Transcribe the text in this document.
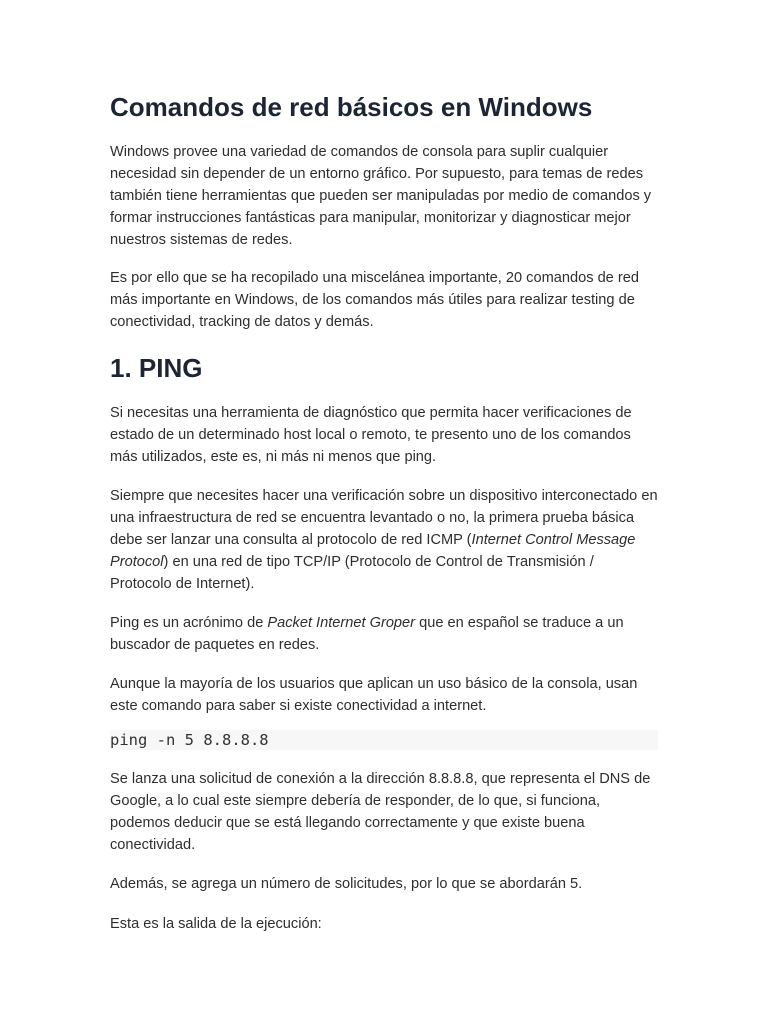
Comandos de red básicos en Windows

Windows provee una variedad de comandos de consola para suplir cualquier necesidad sin depender de un entorno gráfico. Por supuesto, para temas de redes también tiene herramientas que pueden ser manipuladas por medio de comandos y formar instrucciones fantásticas para manipular, monitorizar y diagnosticar mejor nuestros sistemas de redes.

Es por ello que se ha recopilado una miscelánea importante, 20 comandos de red más importante en Windows, de los comandos más útiles para realizar testing de conectividad, tracking de datos y demás.

1. PING

Si necesitas una herramienta de diagnóstico que permita hacer verificaciones de estado de un determinado host local o remoto, te presento uno de los comandos más utilizados, este es, ni más ni menos que ping.

Siempre que necesites hacer una verificación sobre un dispositivo interconectado en una infraestructura de red se encuentra levantado o no, la primera prueba básica debe ser lanzar una consulta al protocolo de red ICMP (Internet Control Message Protocol) en una red de tipo TCP/IP (Protocolo de Control de Transmisión / Protocolo de Internet).

Ping es un acrónimo de Packet Internet Groper que en español se traduce a un buscador de paquetes en redes.

Aunque la mayoría de los usuarios que aplican un uso básico de la consola, usan este comando para saber si existe conectividad a internet.

ping -n 5 8.8.8.8

Se lanza una solicitud de conexión a la dirección 8.8.8.8, que representa el DNS de Google, a lo cual este siempre debería de responder, de lo que, si funciona, podemos deducir que se está llegando correctamente y que existe buena conectividad.

Además, se agrega un número de solicitudes, por lo que se abordarán 5.

Esta es la salida de la ejecución:
